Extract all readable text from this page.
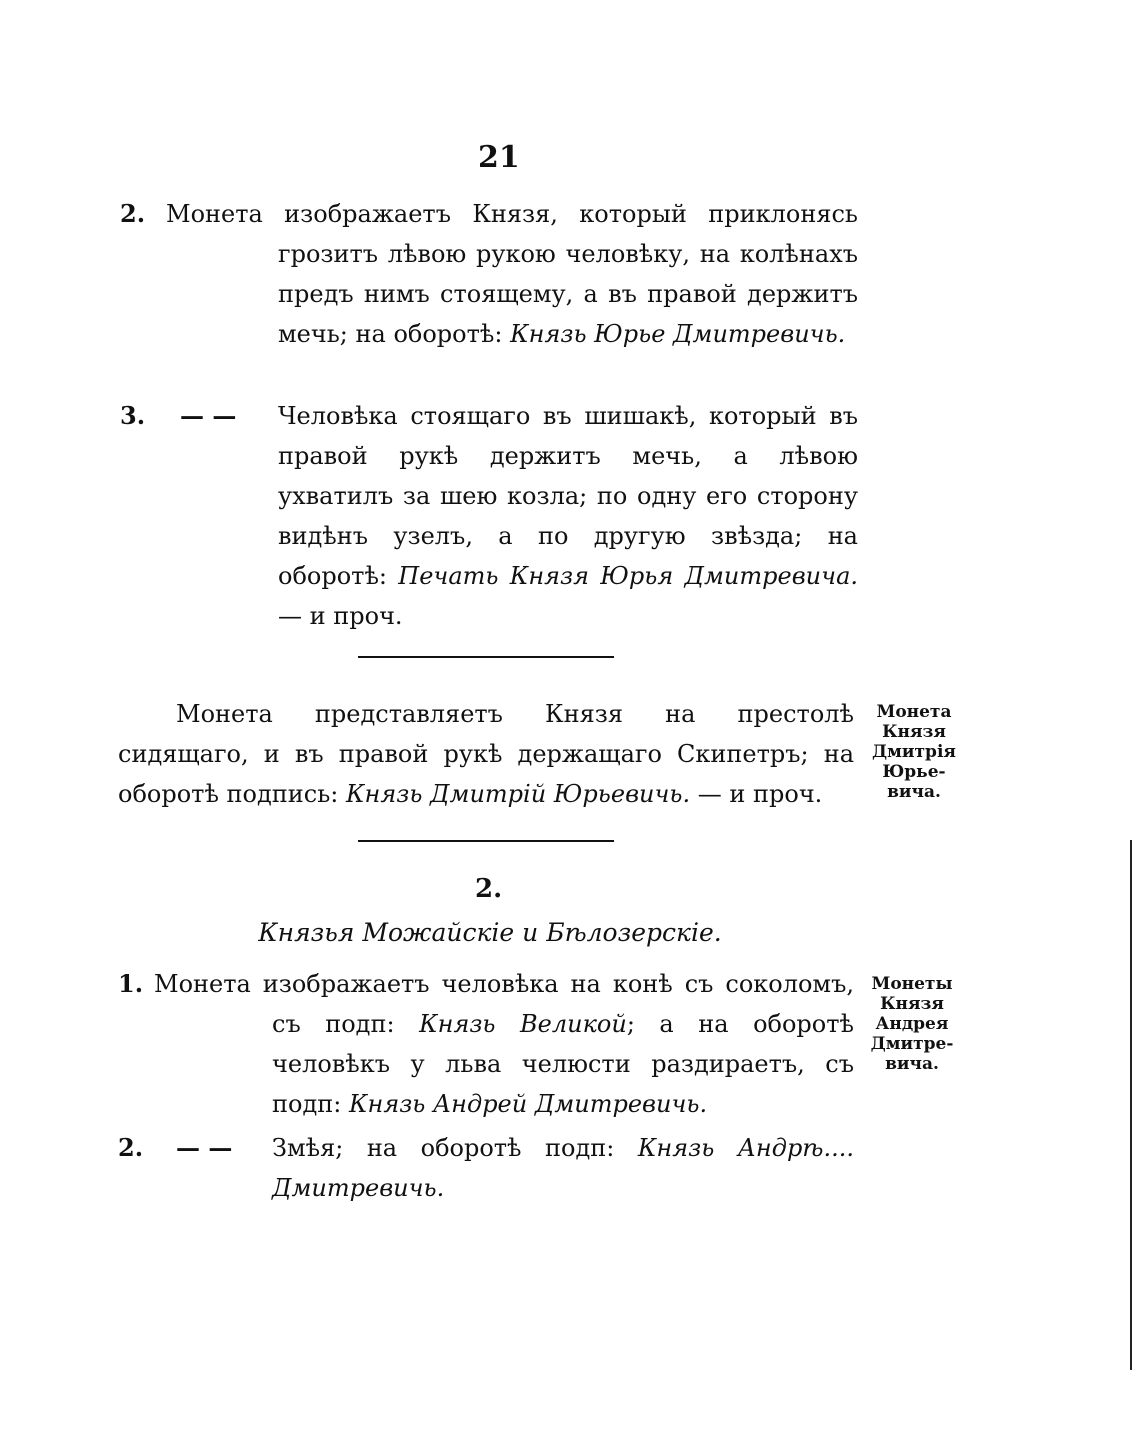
21
2. Монета изображаетъ Князя, который приклонясь грозитъ лѣвою рукою человѣку, на колѣнахъ предъ нимъ стоящему, а въ правой держитъ мечь; на оборотѣ: Князь Юрье Дмитревичь.

3. — — Человѣка стоящаго въ шишакѣ, который въ правой рукѣ держитъ мечь, а лѣвою ухватилъ за шею козла; по одну его сторону видѣнъ узелъ, а по другую звѣзда; на оборотѣ: Печать Князя Юрья Дмитревича. — и проч.

Монета представляетъ Князя на престолѣ сидящаго, и въ правой рукѣ держащаго Скипетръ; на оборотѣ подпись: Князь Дмитрій Юрьевичь. — и проч.

Монета
Князя
Дмитрія
Юрье-
вича.
2.
Князья Можайскіе и Бѣлозерскіе.
1. Монета изображаетъ человѣка на конѣ съ соколомъ, съ подп: Князь Великой; а на оборотѣ человѣкъ у льва челюсти раздираетъ, съ подп: Князь Андрей Дмитревичь.

Монеты
Князя
Андрея
Дмитре-
вича.
2. — — Змѣя; на оборотѣ подп: Князь Андрѣ.... Дмитревичь.
